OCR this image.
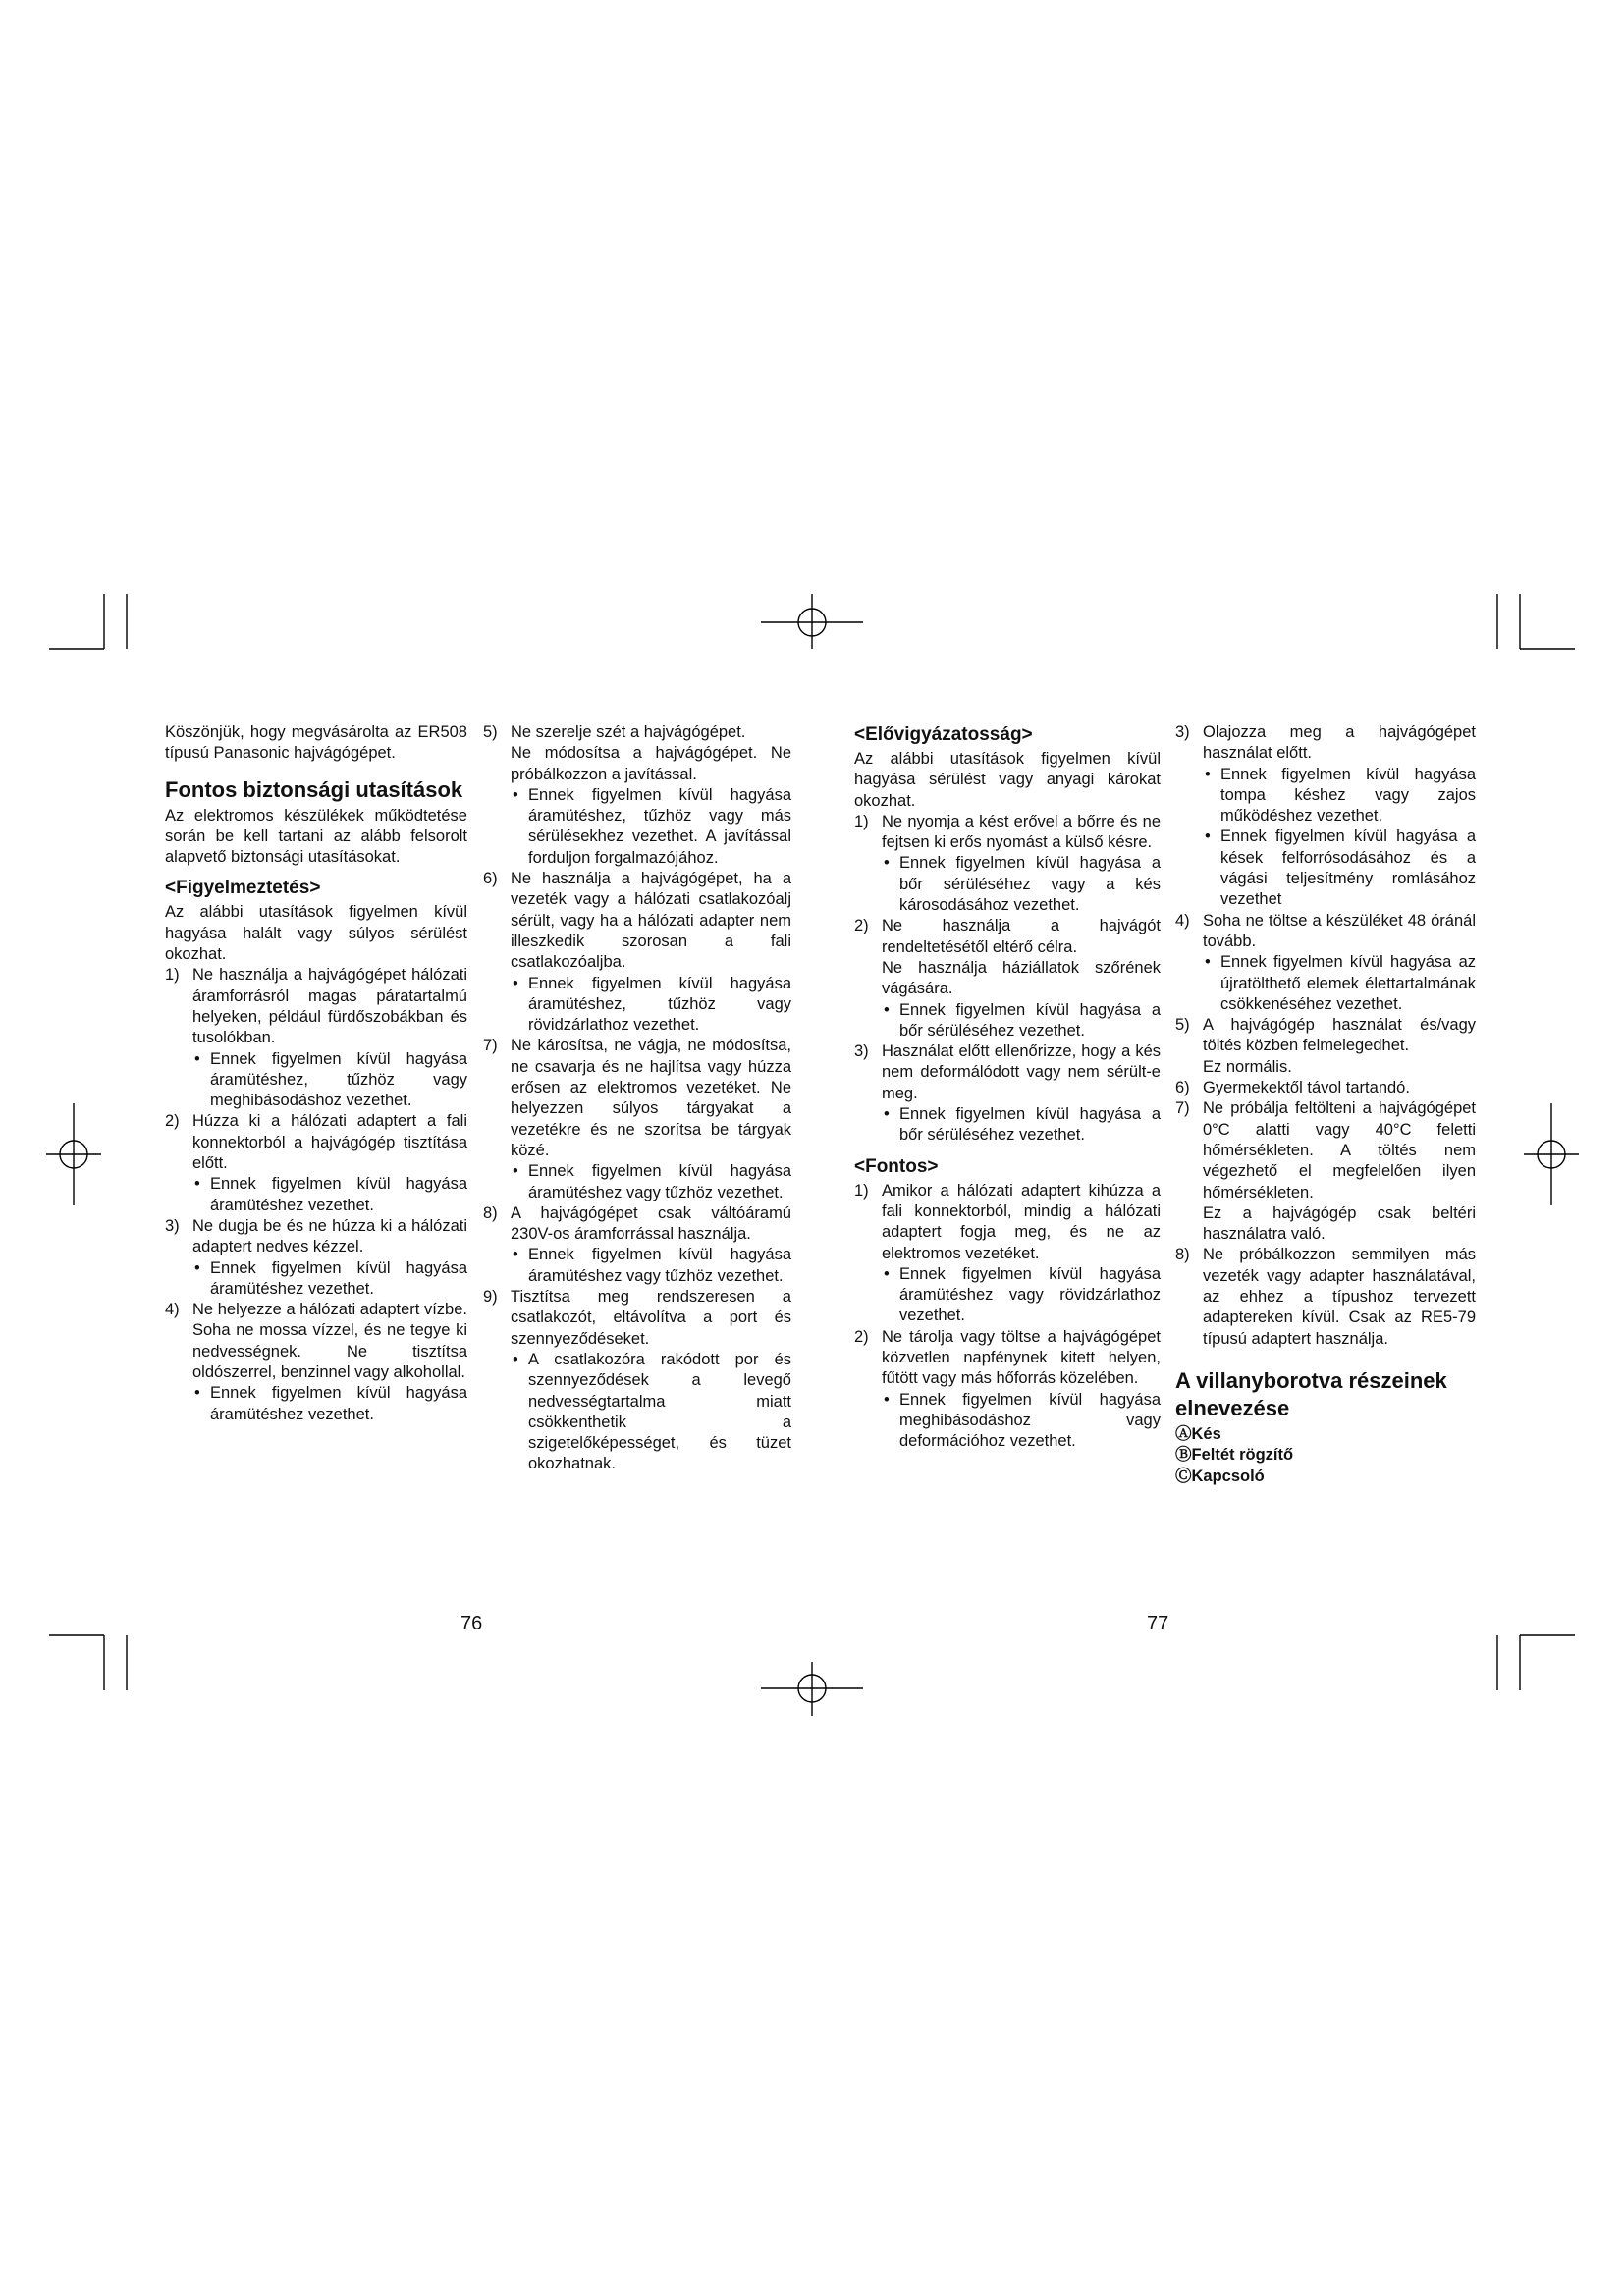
Köszönjük, hogy megvásárolta az ER508 típusú Panasonic hajvágógépet.

Fontos biztonsági utasítások

Az elektromos készülékek működtetése során be kell tartani az alább felsorolt alapvető biztonsági utasításokat.

<Figyelmeztetés>

Az alábbi utasítások figyelmen kívül hagyása halált vagy súlyos sérülést okozhat.

1) Ne használja a hajvágógépet hálózati áramforrásról magas páratartalmú helyeken, például fürdőszobákban és tusolókban.
• Ennek figyelmen kívül hagyása áramütéshez, tűzhöz vagy meghibásodáshoz vezethet.
2) Húzza ki a hálózati adaptert a fali konnektorból a hajvágógép tisztítása előtt.
• Ennek figyelmen kívül hagyása áramütéshez vezethet.
3) Ne dugja be és ne húzza ki a hálózati adaptert nedves kézzel.
• Ennek figyelmen kívül hagyása áramütéshez vezethet.
4) Ne helyezze a hálózati adaptert vízbe. Soha ne mossa vízzel, és ne tegye ki nedvességnek. Ne tisztítsa oldószerrel, benzinnel vagy alkohollal.
• Ennek figyelmen kívül hagyása áramütéshez vezethet.
5) Ne szerelje szét a hajvágógépet.
Ne módosítsa a hajvágógépet. Ne próbálkozzon a javítással.
• Ennek figyelmen kívül hagyása áramütéshez, tűzhöz vagy más sérülésekhez vezethet. A javítással forduljon forgalmazójához.
6) Ne használja a hajvágógépet, ha a vezeték vagy a hálózati csatlakozóalj sérült, vagy ha a hálózati adapter nem illeszkedik szorosan a fali csatlakozóaljba.
• Ennek figyelmen kívül hagyása áramütéshez, tűzhöz vagy rövidzárlathoz vezethet.
7) Ne károsítsa, ne vágja, ne módosítsa, ne csavarja és ne hajlítsa vagy húzza erősen az elektromos vezetéket. Ne helyezzen súlyos tárgyakat a vezetékre és ne szorítsa be tárgyak közé.
• Ennek figyelmen kívül hagyása áramütéshez vagy tűzhöz vezethet.
8) A hajvágógépet csak váltóáramú 230V-os áramforrással használja.
• Ennek figyelmen kívül hagyása áramütéshez vagy tűzhöz vezethet.
9) Tisztítsa meg rendszeresen a csatlakozót, eltávolítva a port és szennyeződéseket.
• A csatlakozóra rakódott por és szennyeződések a levegő nedvességtartalma miatt csökkenthetik a szigetelőképességet, és tüzet okozhatnak.
76

<Elővigyázatosság>

Az alábbi utasítások figyelmen kívül hagyása sérülést vagy anyagi károkat okozhat.

1) Ne nyomja a kést erővel a bőrre és ne fejtsen ki erős nyomást a külső késre.
• Ennek figyelmen kívül hagyása a bőr sérüléséhez vagy a kés károsodásához vezethet.
2) Ne használja a hajvágót rendeltetésétől eltérő célra.
Ne használja háziállatok szőrének vágására.
• Ennek figyelmen kívül hagyása a bőr sérüléséhez vezethet.
3) Használat előtt ellenőrizze, hogy a kés nem deformálódott vagy nem sérült-e meg.
• Ennek figyelmen kívül hagyása a bőr sérüléséhez vezethet.

<Fontos>

1) Amikor a hálózati adaptert kihúzza a fali konnektorból, mindig a hálózati adaptert fogja meg, és ne az elektromos vezetéket.
• Ennek figyelmen kívül hagyása áramütéshez vagy rövidzárlathoz vezethet.
2) Ne tárolja vagy töltse a hajvágógépet közvetlen napfénynek kitett helyen, fűtött vagy más hőforrás közelében.
• Ennek figyelmen kívül hagyása meghibásodáshoz vagy deformációhoz vezethet.
3) Olajozza meg a hajvágógépet használat előtt.
• Ennek figyelmen kívül hagyása tompa késhez vagy zajos működéshez vezethet.
• Ennek figyelmen kívül hagyása a kések felforrósodásához és a vágási teljesítmény romlásához vezethet
4) Soha ne töltse a készüléket 48 óránál tovább.
• Ennek figyelmen kívül hagyása az újratölthető elemek élettartalmának csökkenéséhez vezethet.
5) A hajvágógép használat és/vagy töltés közben felmelegedhet.
Ez normális.
6) Gyermekektől távol tartandó.
7) Ne próbálja feltölteni a hajvágógépet 0°C alatti vagy 40°C feletti hőmérsékleten. A töltés nem végezhető el megfelelően ilyen hőmérsékleten.
Ez a hajvágógép csak beltéri használatra való.
8) Ne próbálkozzon semmilyen más vezeték vagy adapter használatával, az ehhez a típushoz tervezett adaptereken kívül. Csak az RE5-79 típusú adaptert használja.

A villanyborotva részeinek elnevezése

ⒶKés
ⒷFeltét rögzítő
ⒸKapcsoló
77
